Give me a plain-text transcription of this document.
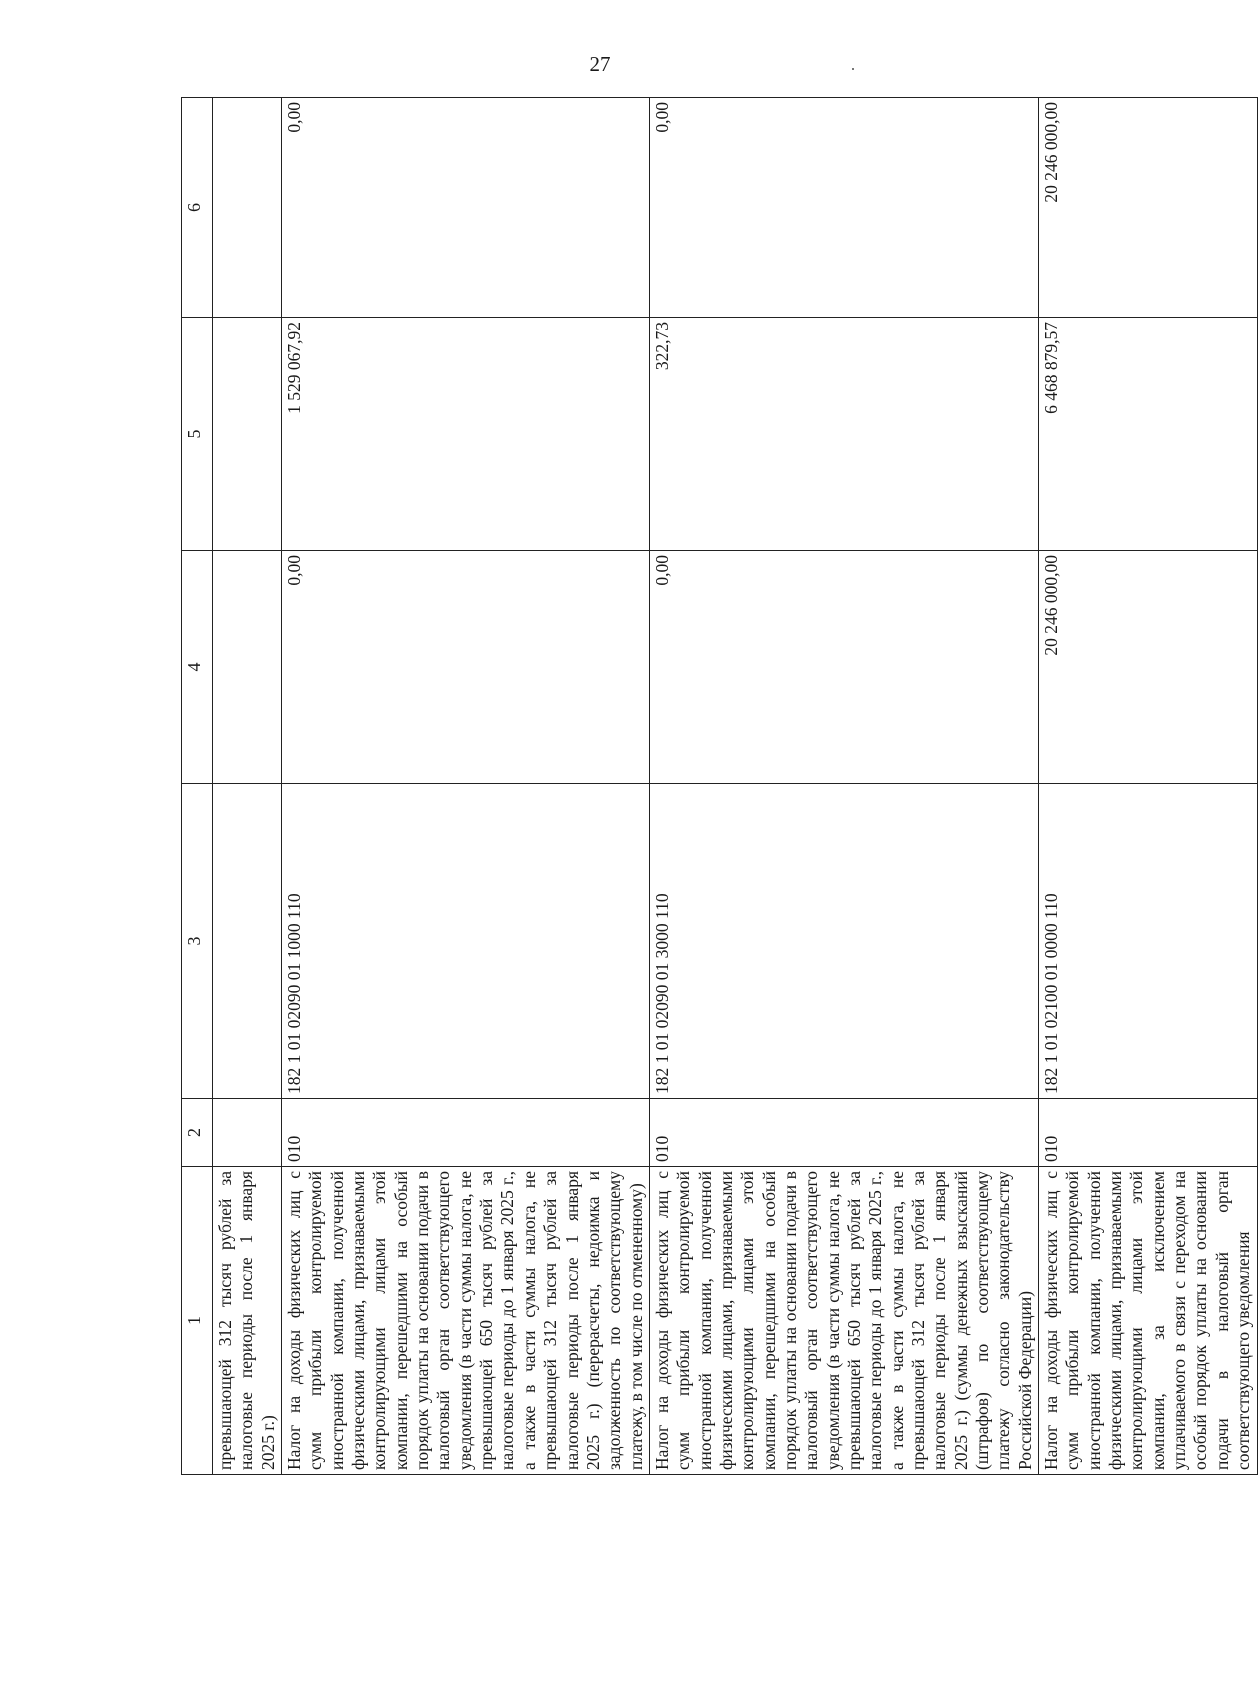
27
1	2	3	4	5	6
превышающей 312 тысяч рублей за налоговые периоды после 1 января 2025 г.)					
Налог на доходы физических лиц с сумм прибыли контролируемой иностранной компании, полученной физическими лицами, признаваемыми контролирующими лицами этой компании, перешедшими на особый порядок уплаты на основании подачи в налоговый орган соответствующего уведомления (в части суммы налога, не превышающей 650 тысяч рублей за налоговые периоды до 1 января 2025 г., а также в части суммы налога, не превышающей 312 тысяч рублей за налоговые периоды после 1 января 2025 г.) (перерасчеты, недоимка и задолженность по соответствующему платежу, в том числе по отмененному)	010	182 1 01 02090 01 1000 110	0,00	1 529 067,92	0,00
Налог на доходы физических лиц с сумм прибыли контролируемой иностранной компании, полученной физическими лицами, признаваемыми контролирующими лицами этой компании, перешедшими на особый порядок уплаты на основании подачи в налоговый орган соответствующего уведомления (в части суммы налога, не превышающей 650 тысяч рублей за налоговые периоды до 1 января 2025 г., а также в части суммы налога, не превышающей 312 тысяч рублей за налоговые периоды после 1 января 2025 г.) (суммы денежных взысканий (штрафов) по соответствующему платежу согласно законодательству Российской Федерации)	010	182 1 01 02090 01 3000 110	0,00	322,73	0,00
Налог на доходы физических лиц с сумм прибыли контролируемой иностранной компании, полученной физическими лицами, признаваемыми контролирующими лицами этой компании, за исключением уплачиваемого в связи с переходом на особый порядок уплаты на основании подачи в налоговый орган соответствующего уведомления	010	182 1 01 02100 01 0000 110	20 246 000,00	6 468 879,57	20 246 000,00
